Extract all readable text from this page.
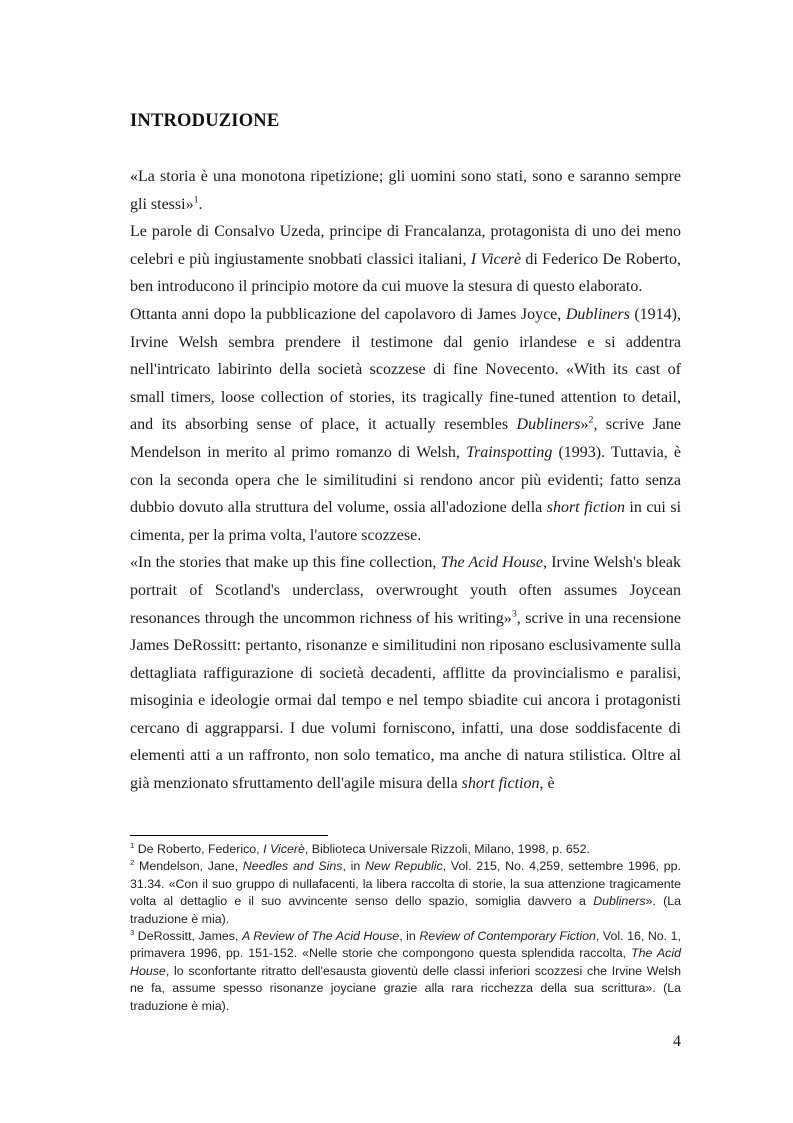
INTRODUZIONE

«La storia è una monotona ripetizione; gli uomini sono stati, sono e saranno sempre gli stessi»$^1$.

Le parole di Consalvo Uzeda, principe di Francalanza, protagonista di uno dei meno celebri e più ingiustamente snobbati classici italiani, I Vicerè di Federico De Roberto, ben introducono il principio motore da cui muove la stesura di questo elaborato.

Ottanta anni dopo la pubblicazione del capolavoro di James Joyce, Dubliners (1914), Irvine Welsh sembra prendere il testimone dal genio irlandese e si addentra nell'intricato labirinto della società scozzese di fine Novecento. «With its cast of small timers, loose collection of stories, its tragically fine-tuned attention to detail, and its absorbing sense of place, it actually resembles Dubliners»$^2$, scrive Jane Mendelson in merito al primo romanzo di Welsh, Trainspotting (1993). Tuttavia, è con la seconda opera che le similitudini si rendono ancor più evidenti; fatto senza dubbio dovuto alla struttura del volume, ossia all'adozione della short fiction in cui si cimenta, per la prima volta, l'autore scozzese.

«In the stories that make up this fine collection, The Acid House, Irvine Welsh's bleak portrait of Scotland's underclass, overwrought youth often assumes Joycean resonances through the uncommon richness of his writing»$^3$, scrive in una recensione James DeRossitt: pertanto, risonanze e similitudini non riposano esclusivamente sulla dettagliata raffigurazione di società decadenti, afflitte da provincialismo e paralisi, misoginia e ideologie ormai dal tempo e nel tempo sbiadite cui ancora i protagonisti cercano di aggrapparsi. I due volumi forniscono, infatti, una dose soddisfacente di elementi atti a un raffronto, non solo tematico, ma anche di natura stilistica. Oltre al già menzionato sfruttamento dell'agile misura della short fiction, è

$^1$ De Roberto, Federico, I Vicerè, Biblioteca Universale Rizzoli, Milano, 1998, p. 652.

$^2$ Mendelson, Jane, Needles and Sins, in New Republic, Vol. 215, No. 4,259, settembre 1996, pp. 31.34. «Con il suo gruppo di nullafacenti, la libera raccolta di storie, la sua attenzione tragicamente volta al dettaglio e il suo avvincente senso dello spazio, somiglia davvero a Dubliners». (La traduzione è mia).

$^3$ DeRossitt, James, A Review of The Acid House, in Review of Contemporary Fiction, Vol. 16, No. 1, primavera 1996, pp. 151-152. «Nelle storie che compongono questa splendida raccolta, The Acid House, lo sconfortante ritratto dell'esausta gioventù delle classi inferiori scozzesi che Irvine Welsh ne fa, assume spesso risonanze joyciane grazie alla rara ricchezza della sua scrittura». (La traduzione è mia).

4
